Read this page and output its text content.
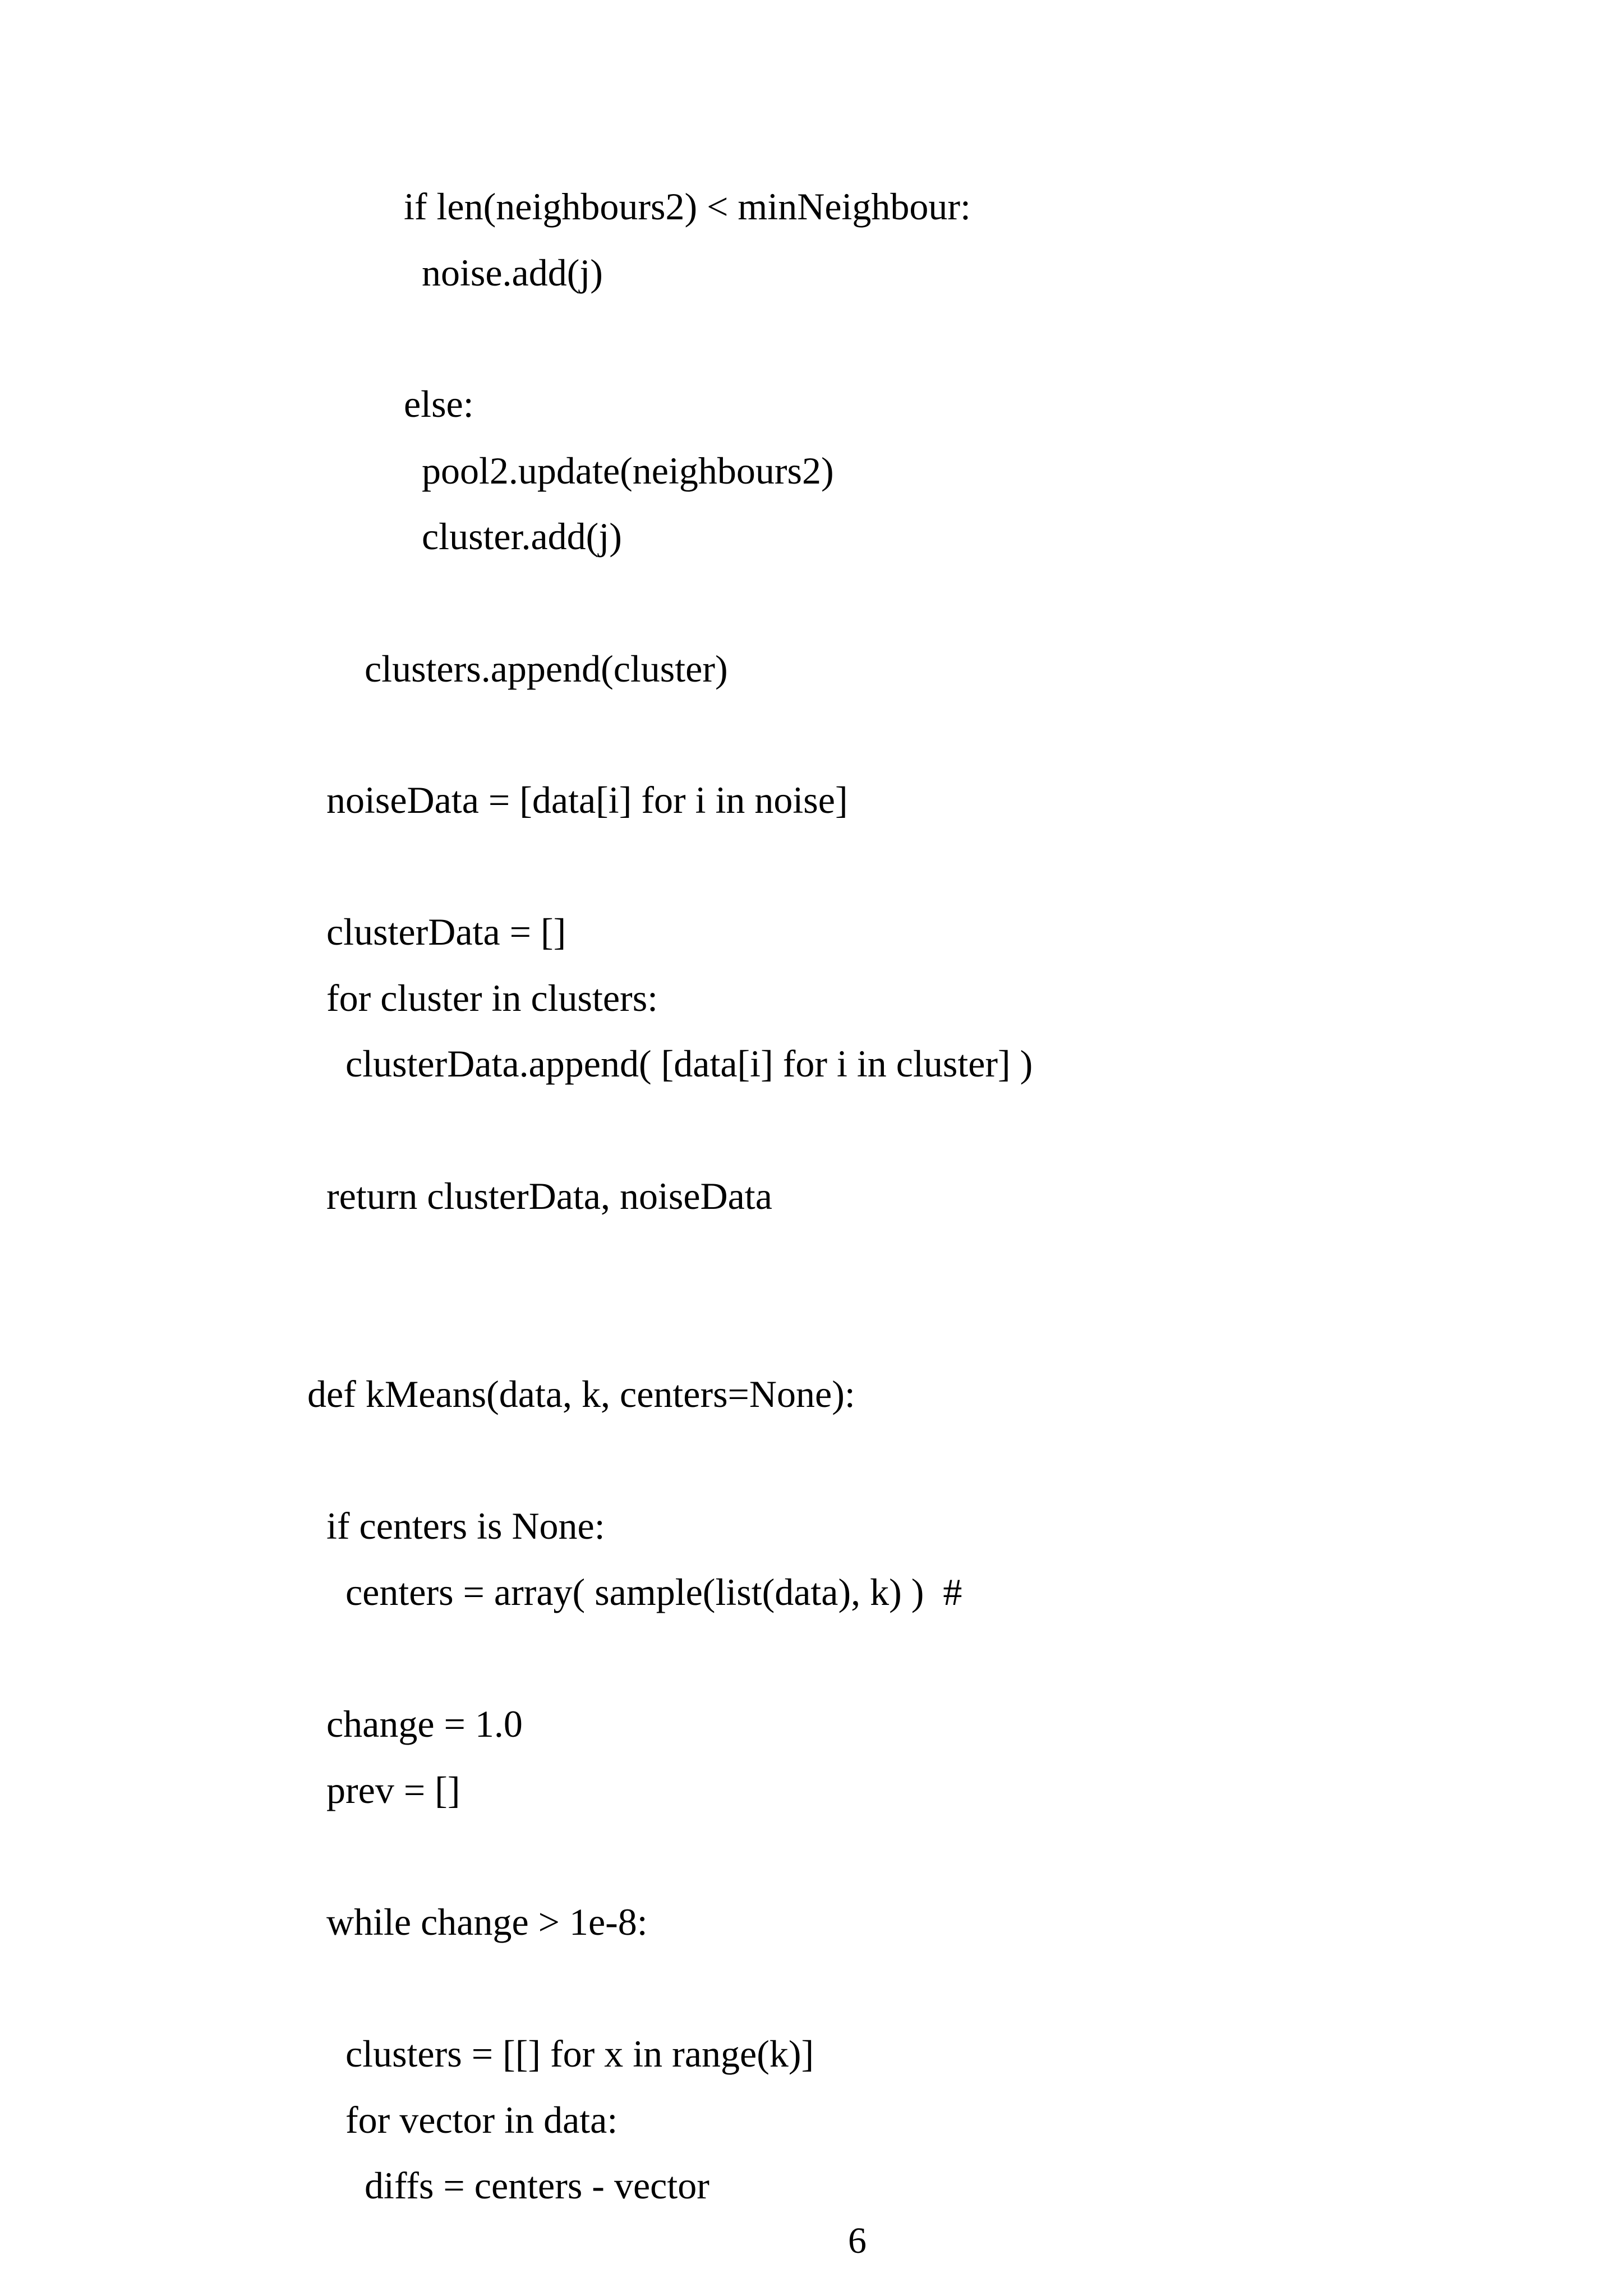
if len(neighbours2) < minNeighbour:

noise.add(j)

else:

pool2.update(neighbours2)

cluster.add(j)

clusters.append(cluster)

noiseData = [data[i] for i in noise]

clusterData = []

for cluster in clusters:

clusterData.append( [data[i] for i in cluster] )

return clusterData, noiseData

def kMeans(data, k, centers=None):

if centers is None:

centers = array( sample(list(data), k) )  #

change = 1.0

prev = []

while change > 1e-8:

clusters = [[] for x in range(k)]

for vector in data:

diffs = centers - vector

6
